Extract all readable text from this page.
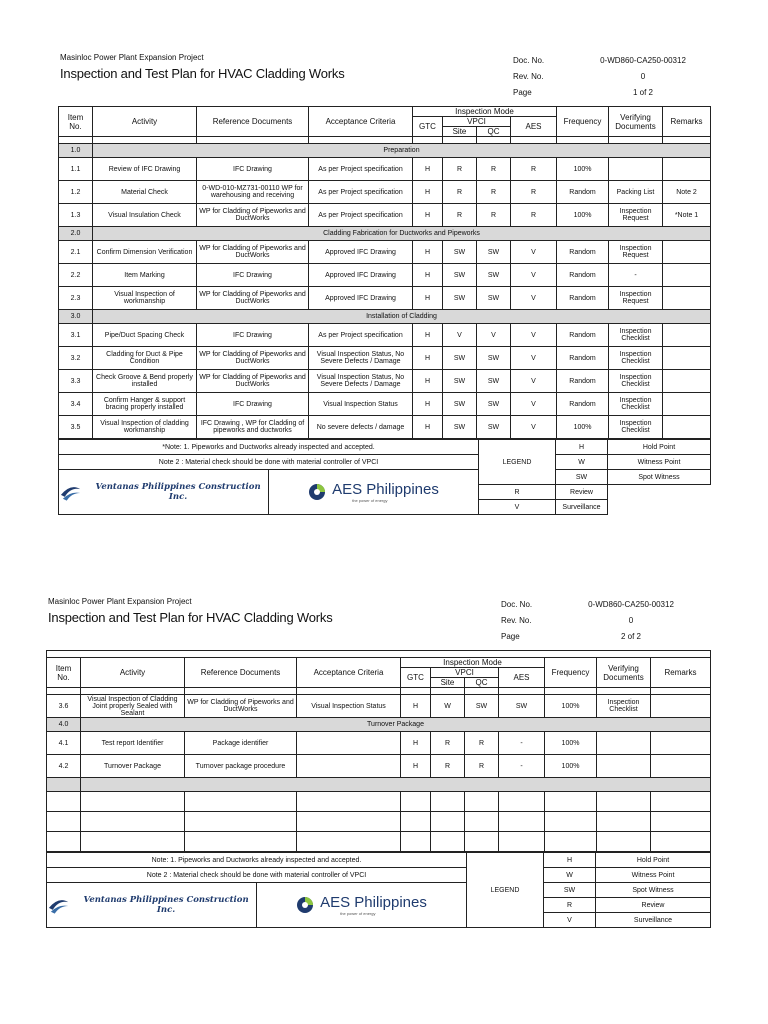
Masinloc Power Plant Expansion Project
Inspection and Test Plan for HVAC Cladding Works
Doc. No.	0-WD860-CA250-00312
Rev. No.	0
Page	1 of 2
Item No.	Activity	Reference Documents	Acceptance Criteria	Inspection Mode				Frequency	Verifying Documents	Remarks
				GTC	VPCI		AES			
					Site	QC				

1.0	Preparation									
1.1	Review of IFC Drawing	IFC Drawing	As per Project specification	H	R	R	R	100%		
1.2	Material Check	0-WD-010-MZ731-00110 WP for warehousing and receiving	As per Project specification	H	R	R	R	Random	Packing List	Note 2
1.3	Visual Insulation Check	WP for Cladding of Pipeworks and DuctWorks	As per Project specification	H	R	R	R	100%	Inspection Request	*Note 1
2.0	Cladding Fabrication for Ductworks and Pipeworks									
2.1	Confirm Dimension Verification	WP for Cladding of Pipeworks and DuctWorks	Approved IFC Drawing	H	SW	SW	V	Random	Inspection Request	
2.2	Item Marking	IFC Drawing	Approved IFC Drawing	H	SW	SW	V	Random	-	
2.3	Visual Inspection of workmanship	WP for Cladding of Pipeworks and DuctWorks	Approved IFC Drawing	H	SW	SW	V	Random	Inspection Request	
3.0	Installation of Cladding									
3.1	Pipe/Duct Spacing Check	IFC Drawing	As per Project specification	H	V	V	V	Random	Inspection Checklist	
3.2	Cladding for Duct & Pipe Condition	WP for Cladding of Pipeworks and DuctWorks	Visual Inspection Status, No Severe Defects / Damage	H	SW	SW	V	Random	Inspection Checklist	
3.3	Check Groove & Bend properly installed	WP for Cladding of Pipeworks and DuctWorks	Visual Inspection Status, No Severe Defects / Damage	H	SW	SW	V	Random	Inspection Checklist	
3.4	Confirm Hanger & support bracing properly installed	IFC Drawing	Visual Inspection Status	H	SW	SW	V	Random	Inspection Checklist	
3.5	Visual Inspection of cladding workmanship	IFC Drawing , WP for Cladding of pipeworks and ductworks	No severe defects / damage	H	SW	SW	V	100%	Inspection Checklist	
*Note: 1. Pipeworks and Ductworks already inspected and accepted.	LEGEND	H	Hold Point
Note 2 : Material check should be done with material controller of VPCI		W	Witness Point

Ventanas Philippines Construction Inc. AES Philippines
the power of energy		SW	Spot Witness
	R	Review	
	V	Surveillance	
Masinloc Power Plant Expansion Project
Inspection and Test Plan for HVAC Cladding Works
Doc. No.	0-WD860-CA250-00312
Rev. No.	0
Page	2 of 2

Item No.	Activity	Reference Documents	Acceptance Criteria	Inspection Mode				Frequency	Verifying Documents	Remarks
				GTC	VPCI		AES			
					Site	QC				

3.6	Visual Inspection of Cladding Joint properly Sealed with Sealant	WP for Cladding of Pipeworks and DuctWorks	Visual Inspection Status	H	W	SW	SW	100%	Inspection Checklist	
4.0	Turnover Package									
4.1	Test report Identifier	Package identifier		H	R	R	-	100%		
4.2	Turnover Package	Turnover package procedure		H	R	R	-	100%		

Note: 1. Pipeworks and Ductworks already inspected and accepted.	LEGEND	H	Hold Point
Note 2 : Material check should be done with material controller of VPCI		W	Witness Point

Ventanas Philippines Construction Inc. AES Philippines
the power of energy		SW	Spot Witness
		R	Review
		V	Surveillance
